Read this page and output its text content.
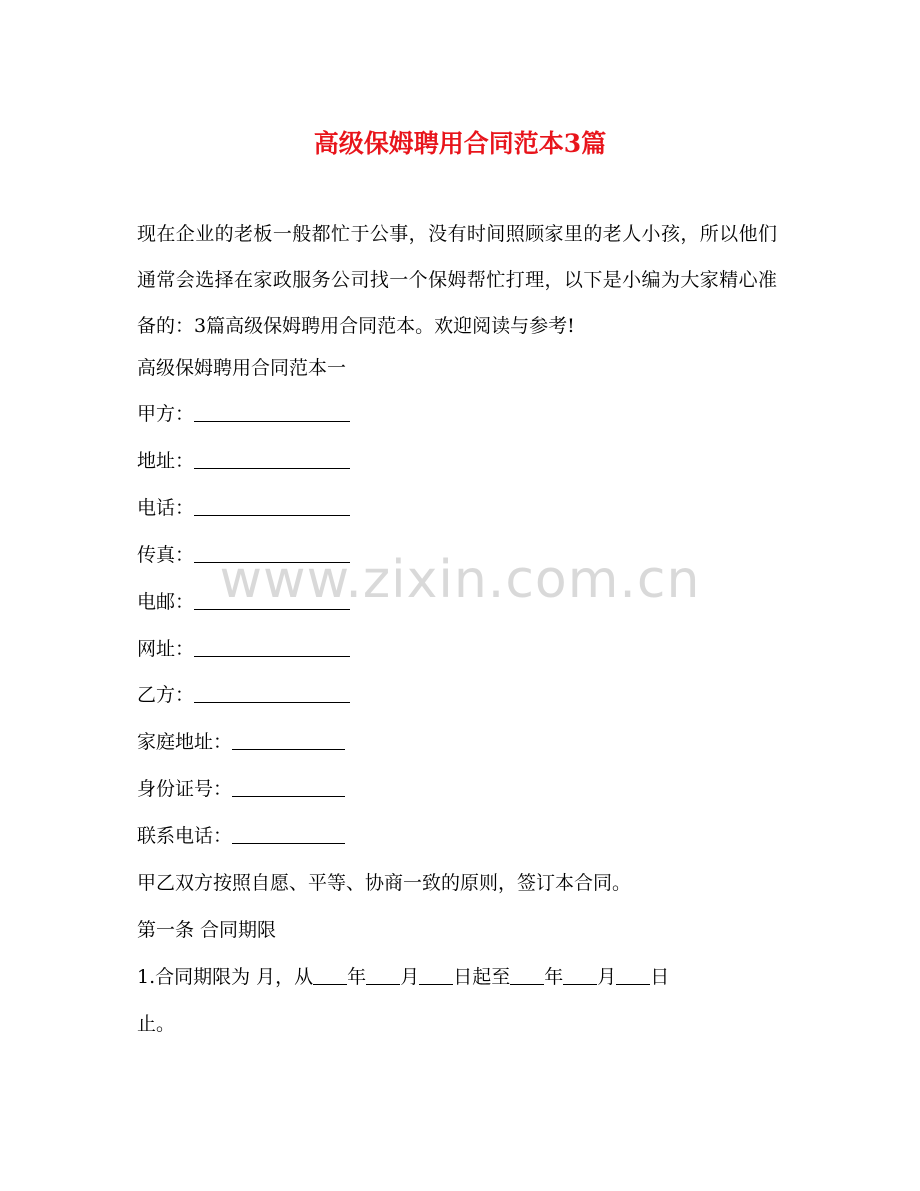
高级保姆聘用合同范本3篇
现在企业的老板一般都忙于公事，没有时间照顾家里的老人小孩，所以他们通常会选择在家政服务公司找一个保姆帮忙打理，以下是小编为大家精心准备的：3篇高级保姆聘用合同范本。欢迎阅读与参考!
高级保姆聘用合同范本一
甲方：
地址：
电话：
传真：
电邮：
网址：
乙方：
家庭地址：
身份证号：
联系电话：
甲乙双方按照自愿、平等、协商一致的原则，签订本合同。
第一条 合同期限
1.合同期限为 月，从 年 月 日起至 年 月 日
止。
www.zixin.com.cn
